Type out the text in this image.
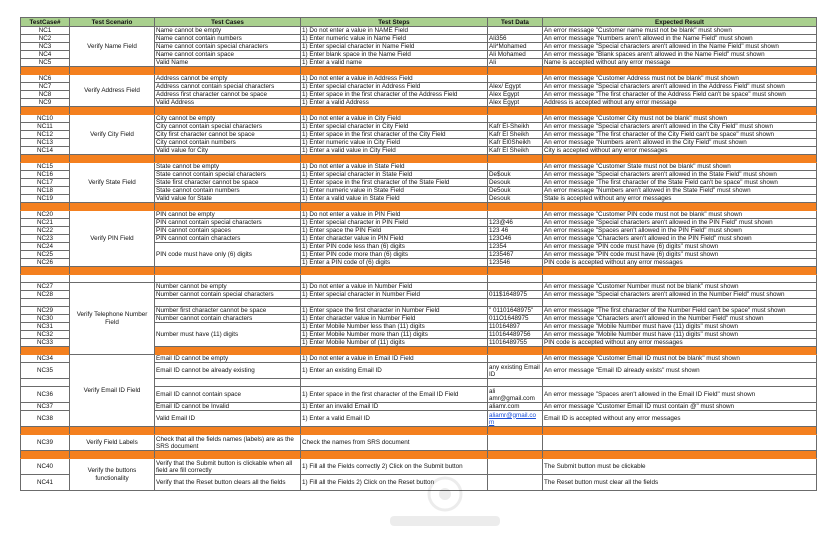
TestCase#	Test Scenario	Test Cases	Test Steps	Test Data	Expected Result
NC1	Verify Name Field	Name cannot be empty	1) Do not enter a value in NAME Field		An error message "Customer name must not be blank" must shown
NC2		Name cannot contain numbers	1) Enter numeric value in Name Field	Ali356	An error message "Numbers aren't allowed in the Name Field" must shown
NC3		Name cannot contain special characters	1) Enter special character in Name Field	Ali*Mohamed	An error message "Special characters aren't allowed in the Name Field" must shown
NC4		Name cannot contain space	1) Enter blank space in the Name Field	Ali Mohamed	An error message "Blank spaces aren't allowed in the Name Field" must shown
NC5		Valid Name	1) Enter a valid name	Ali	Name is accepted without any error message

NC6	Verify Address Field	Address cannot be empty	1) Do not enter a value in Address Field		An error message "Customer Address must not be blank" must shown
NC7		Address cannot contain special characters	1) Enter special character in Address Field	Alex/ Egypt	An error message "Special characters aren't allowed in the Address Field" must shown
NC8		Address first character cannot be space	1) Enter space in the first character of the Address Field	Alex Egypt	An error message "The first character of the Address Field can't be space" must shown
NC9		Valid Address	1) Enter a valid Address	Alex Egypt	Address is accepted without any error message

NC10	Verify City Field	City cannot be empty	1) Do not enter a value in City Field		An error message "Customer City must not be blank" must shown
NC11		City cannot contain special characters	1) Enter special character in City Field	Kafr El-Sheikh	An error message "Special characters aren't allowed in the City Field" must shown
NC12		City first character cannot be space	1) Enter space in the first character of the City Field	Kafr El Sheikh	An error message "The first character of the City Field can't be space" must shown
NC13		City cannot contain numbers	1) Enter numeric value in City Field	Kafr El0Sheikh	An error message "Numbers aren't allowed in the City Field" must shown
NC14		Valid value for City	1) Enter a valid value in City Field	Kafr El Sheikh	City is accepted without any error messages

NC15	Verify State Field	State cannot be empty	1) Do not enter a value in State Field		An error message "Customer State must not be blank" must shown
NC16		State cannot contain special characters	1) Enter special character in State Field	De$ouk	An error message "Special characters aren't allowed in the State Field" must shown
NC17		State first character cannot be space	1) Enter space in the first character of the State Field	Desouk	An error message "The first character of the State Field can't be space" must shown
NC18		State cannot contain numbers	1) Enter numeric value in State Field	De5ouk	An error message "Numbers aren't allowed in the State Field" must shown
NC19		Valid value for State	1) Enter a valid value in State Field	Desouk	State is accepted without any error messages

NC20	Verify PIN Field	PIN cannot be empty	1) Do not enter a value in PIN Field		An error message "Customer PIN code must not be blank" must shown
NC21		PIN cannot contain special characters	1) Enter special character in PIN Field	123@46	An error message "Special characters aren't allowed in the PIN Field" must shown
NC22		PIN cannot contain spaces	1) Enter space the PIN Field	123 46	An error message "Spaces aren't allowed in the PIN Field" must shown
NC23		PIN cannot contain characters	1) Enter character value in PIN Field	123O46	An error message "Characters aren't allowed in the PIN Field" must shown
NC24		PIN code must have only (6) digits	1) Enter PIN code less than (6) digits	12354	An error message "PIN code must have (6) digits" must shown
NC25			1) Enter PIN code more than (6) digits	1235467	An error message "PIN code must have (6) digits" must shown
NC26			1) Enter a PIN code of (6) digits	123546	PIN code is accepted without any error messages

NC27	Verify Telephone Number Field	Number cannot be empty	1) Do not enter a value in Number Field		An error message "Customer Number must not be blank" must shown
NC28		Number cannot contain special characters	1) Enter special character in Number Field	011$1648975	An error message "Special characters aren't allowed in the Number Field" must shown

NC29		Number first character cannot be space	1) Enter space the first character in Number Field	" 01101648975"	An error message "The first character of the Number Field can't be space" must shown
NC30		Number cannot contain characters	1) Enter character value in Number Field	011O1648975	An error message "Characters aren't allowed in the Number Field" must shown
NC31		Number must have (11) digits	1) Enter Mobile Number less than (11) digits	110164897	An error message "Mobile Number must have (11) digits" must shown
NC32			1) Enter Mobile Number more than (11) digits	110164489756	An error message "Mobile Number must have (11) digits" must shown
NC33			1) Enter Mobile Number of (11) digits	11016489755	PIN code is accepted without any error messages

NC34	Verify Email ID Field	Email ID cannot be empty	1) Do not enter a value in Email ID Field		An error message "Customer Email ID must not be blank" must shown
NC35		Email ID cannot be already existing	1) Enter an existing Email ID	any existing Email ID	An error message "Email ID already exists" must shown

NC36		Email ID cannot contain space	1) Enter space in the first character of the Email ID Field	ali amr@gmail.com	An error message "Spaces aren't allowed in the Email ID Field" must shown
NC37		Email ID cannot be Invalid	1) Enter an invalid Email ID	aliamr.com	An error message "Customer Email ID must contain @" must shown
NC38		Valid Email ID	1) Enter a valid Email ID	aliamr@gmail.com	Email ID is accepted without any error messages

NC39	Verify Field Labels	Check that all the fields names (labels) are as the SRS document	Check the names from SRS document		

NC40	Verify the buttons functionality	Verify that the Submit button is clickable when all field are fill correctly	1) Fill all the Fields correctly 2) Click on the Submit button		The Submit button must be clickable
NC41		Verify that the Reset button clears all the fields	1) Fill all the Fields 2) Click on the Reset button		The Reset button must clear all the fields
